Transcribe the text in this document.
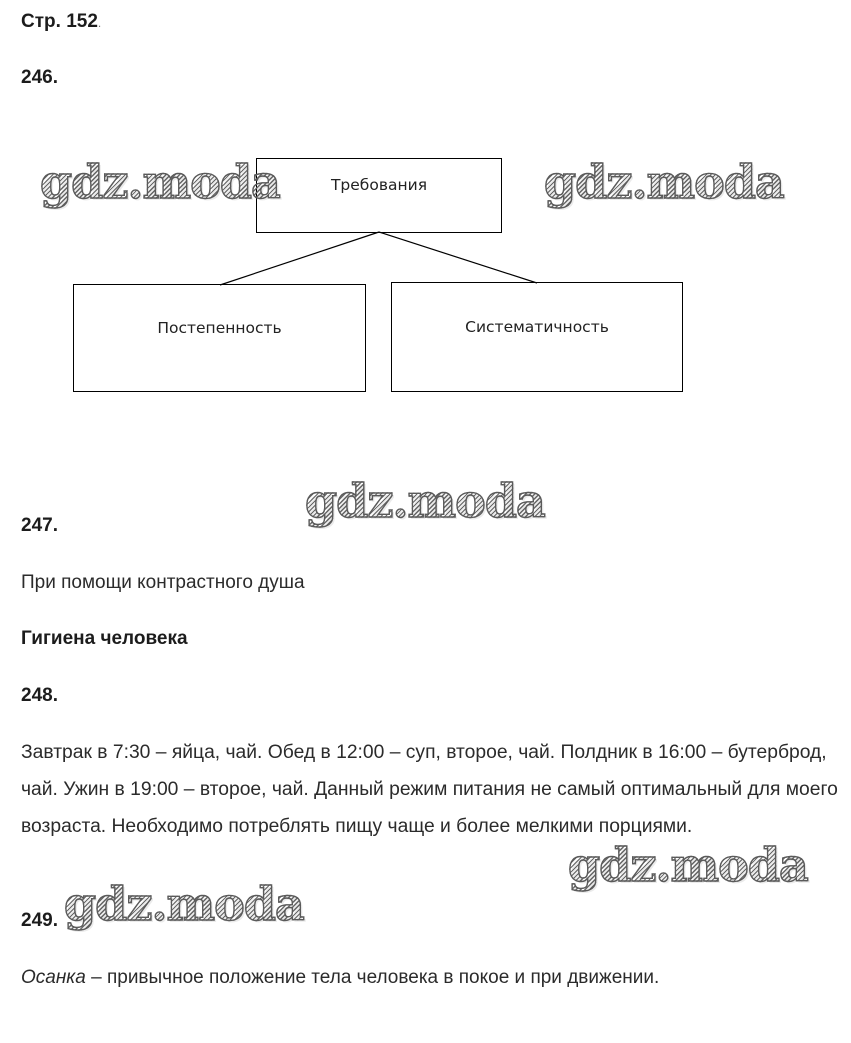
Стр. 152.
246.
Требования
Постепенность	Систематичность
247.
При помощи контрастного душа
Гигиена человека
248.
Завтрак в 7:30 – яйца, чай. Обед в 12:00 – суп, второе, чай. Полдник в 16:00 – бутерброд, чай. Ужин в 19:00 – второе, чай. Данный режим питания не самый оптимальный для моего возраста. Необходимо потреблять пищу чаще и более мелкими порциями.
249.
Осанка – привычное положение тела человека в покое и при движении.
gdz.moda	gdz.moda
gdz.moda
gdz.moda
gdz.moda
